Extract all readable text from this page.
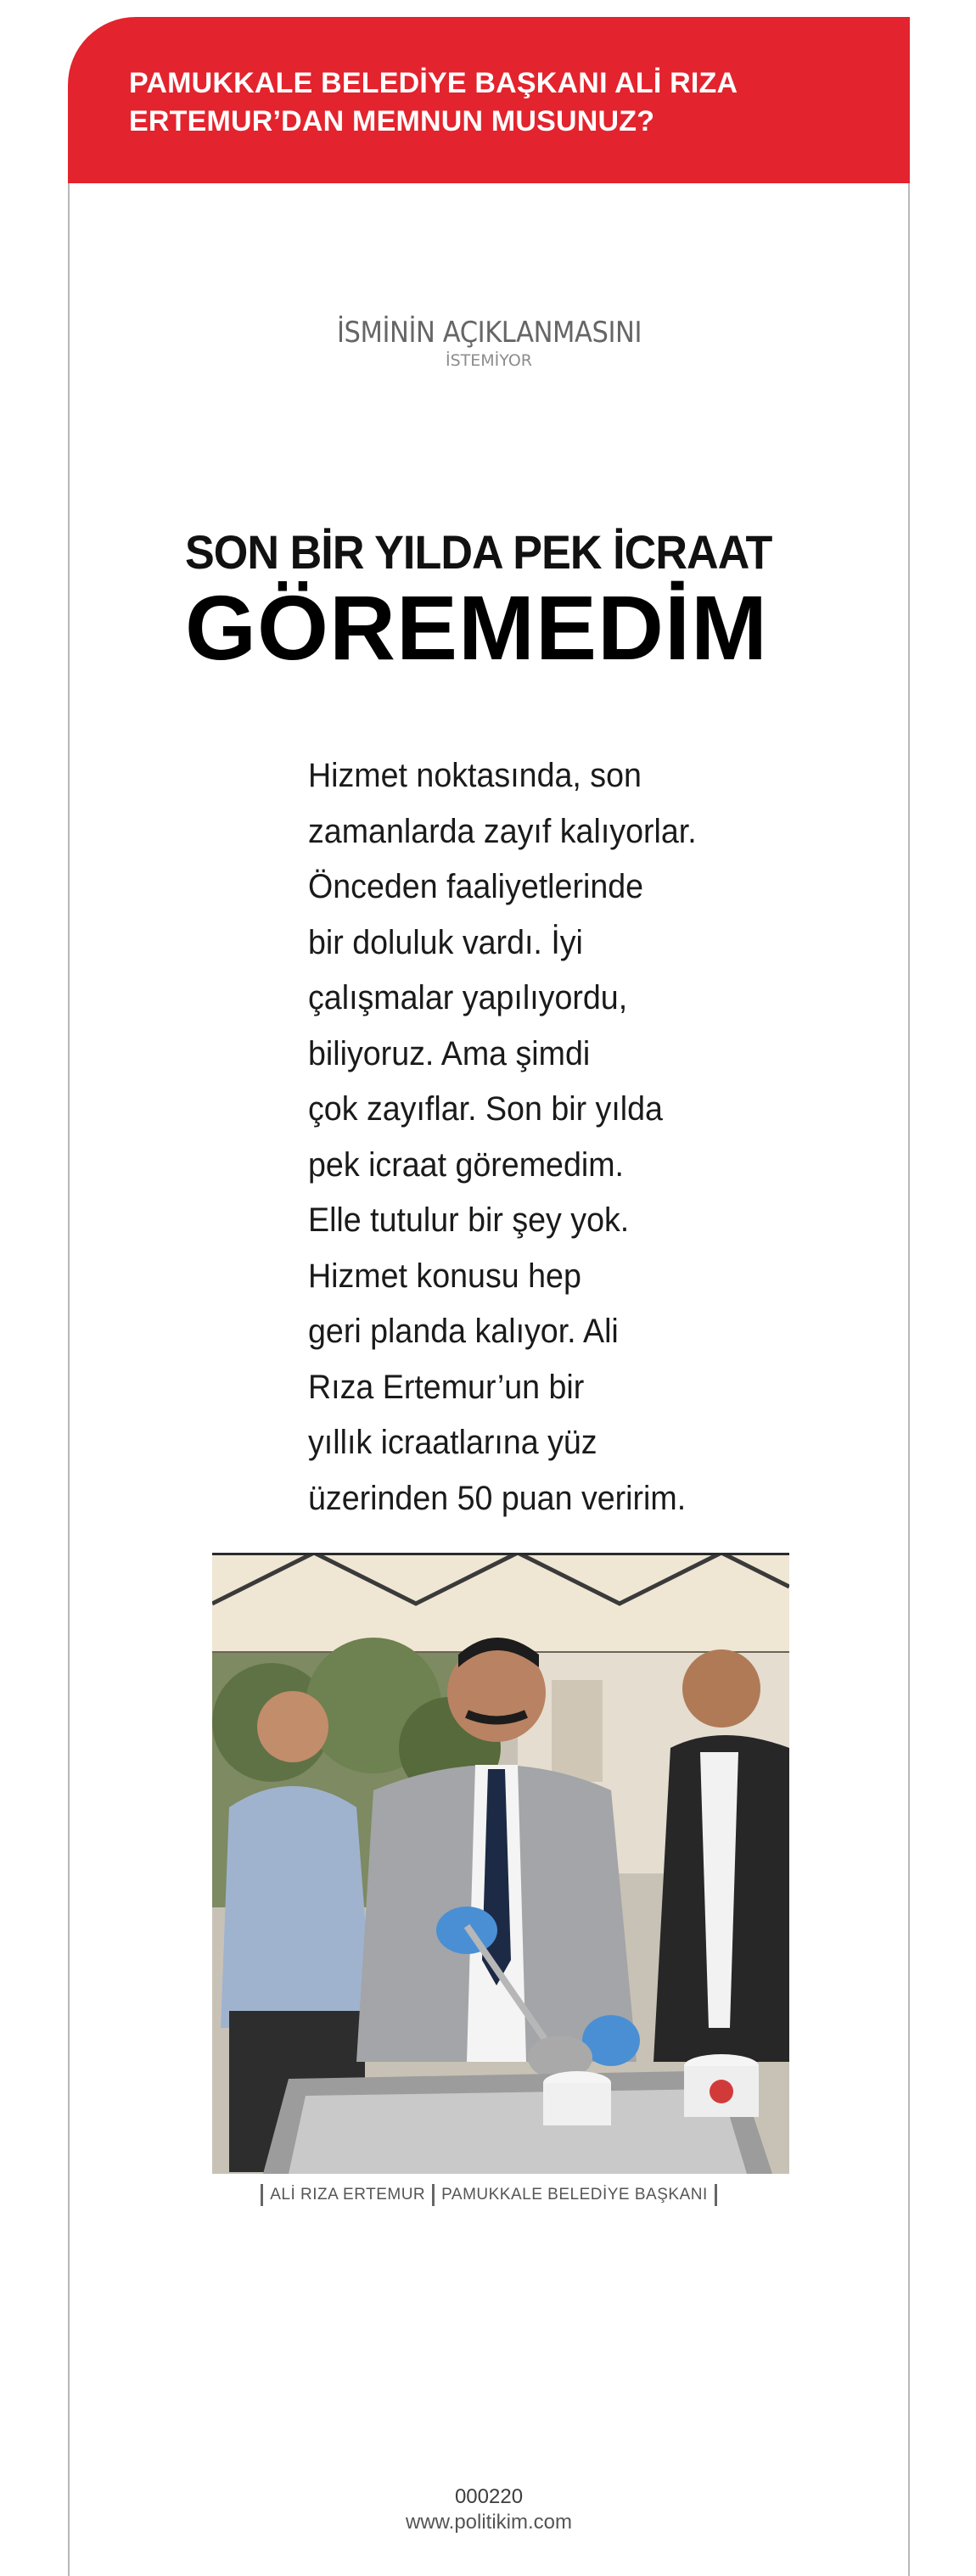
PAMUKKALE BELEDİYE BAŞKANI ALİ RIZA
ERTEMUR’DAN MEMNUN MUSUNUZ?

İSMİNİN AÇIKLANMASINI
İSTEMİYOR
SON BİR YILDA PEK İCRAAT
GÖREMEDİM
Hizmet noktasında, son
zamanlarda zayıf kalıyorlar.
Önceden faaliyetlerinde
bir doluluk vardı. İyi
çalışmalar yapılıyordu,
biliyoruz. Ama şimdi
çok zayıflar. Son bir yılda
pek icraat göremedim.
Elle tutulur bir şey yok.
Hizmet konusu hep
geri planda kalıyor. Ali
Rıza Ertemur’un bir
yıllık icraatlarına yüz
üzerinden 50 puan veririm.
ALİ RIZA ERTEMUR PAMUKKALE BELEDİYE BAŞKANI
000220
www.politikim.com
